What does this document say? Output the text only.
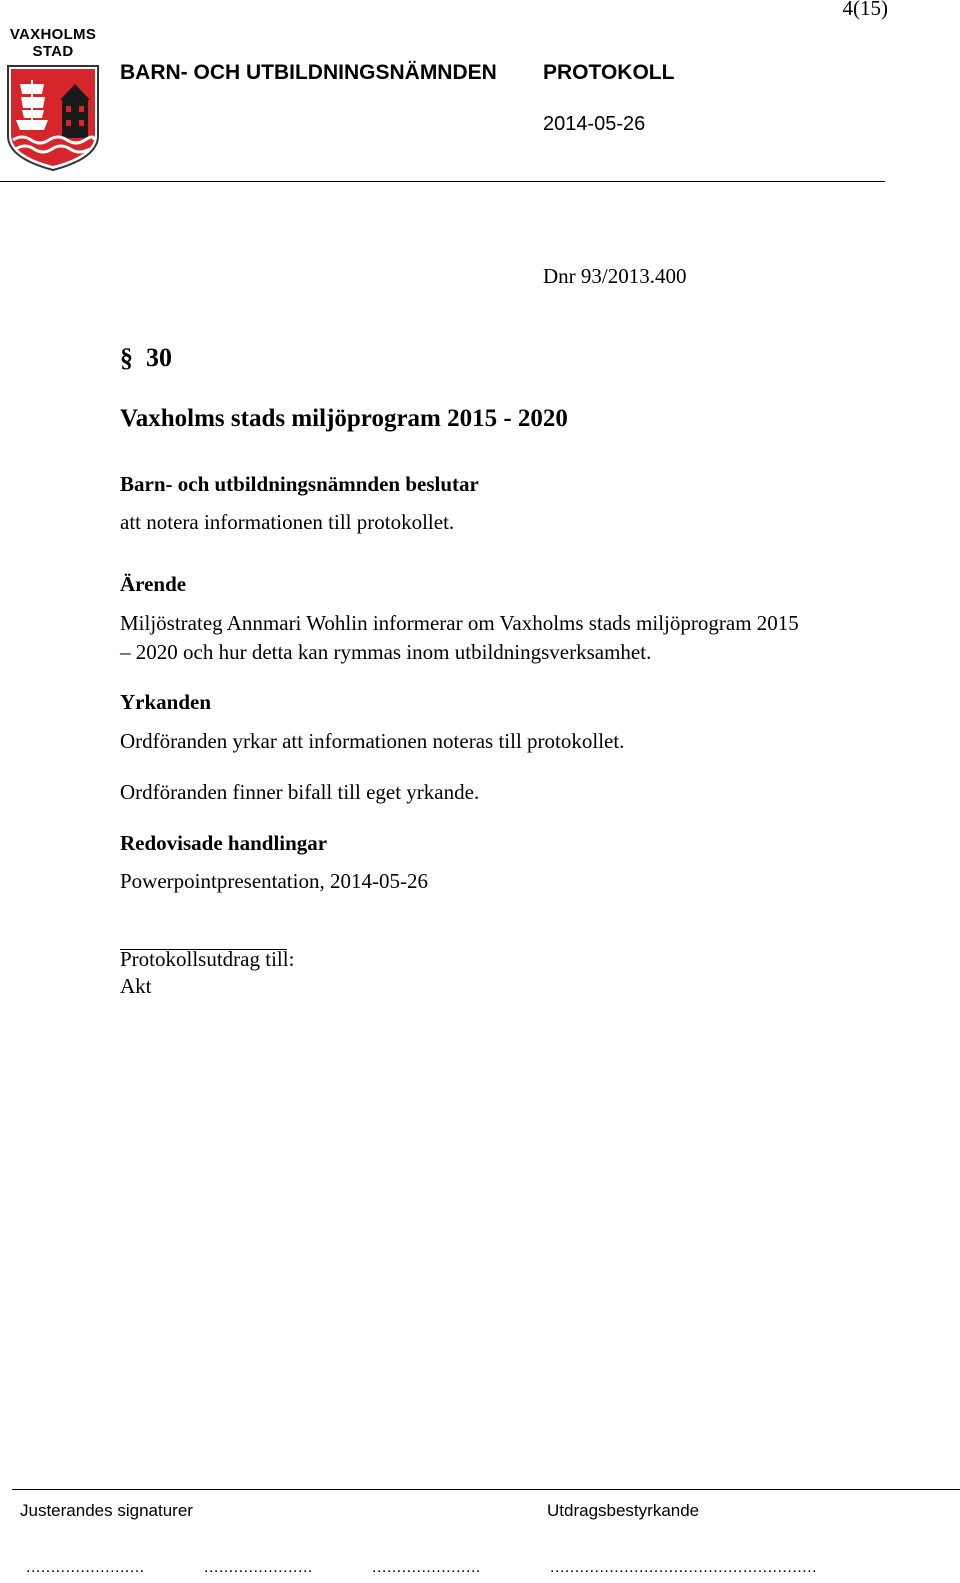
4(15)
VAXHOLMS
STAD
BARN- OCH UTBILDNINGSNÄMNDEN PROTOKOLL
2014-05-26
Dnr 93/2013.400
§ 30
Vaxholms stads miljöprogram 2015 - 2020
Barn- och utbildningsnämnden beslutar
att notera informationen till protokollet.
Ärende
Miljöstrateg Annmari Wohlin informerar om Vaxholms stads miljöprogram 2015
– 2020 och hur detta kan rymmas inom utbildningsverksamhet.
Yrkanden
Ordföranden yrkar att informationen noteras till protokollet.
Ordföranden finner bifall till eget yrkande.
Redovisade handlingar
Powerpointpresentation, 2014-05-26
Protokollsutdrag till:
Akt
Justerandes signaturer	Utdragsbestyrkande
........................	......................	......................	......................................................
